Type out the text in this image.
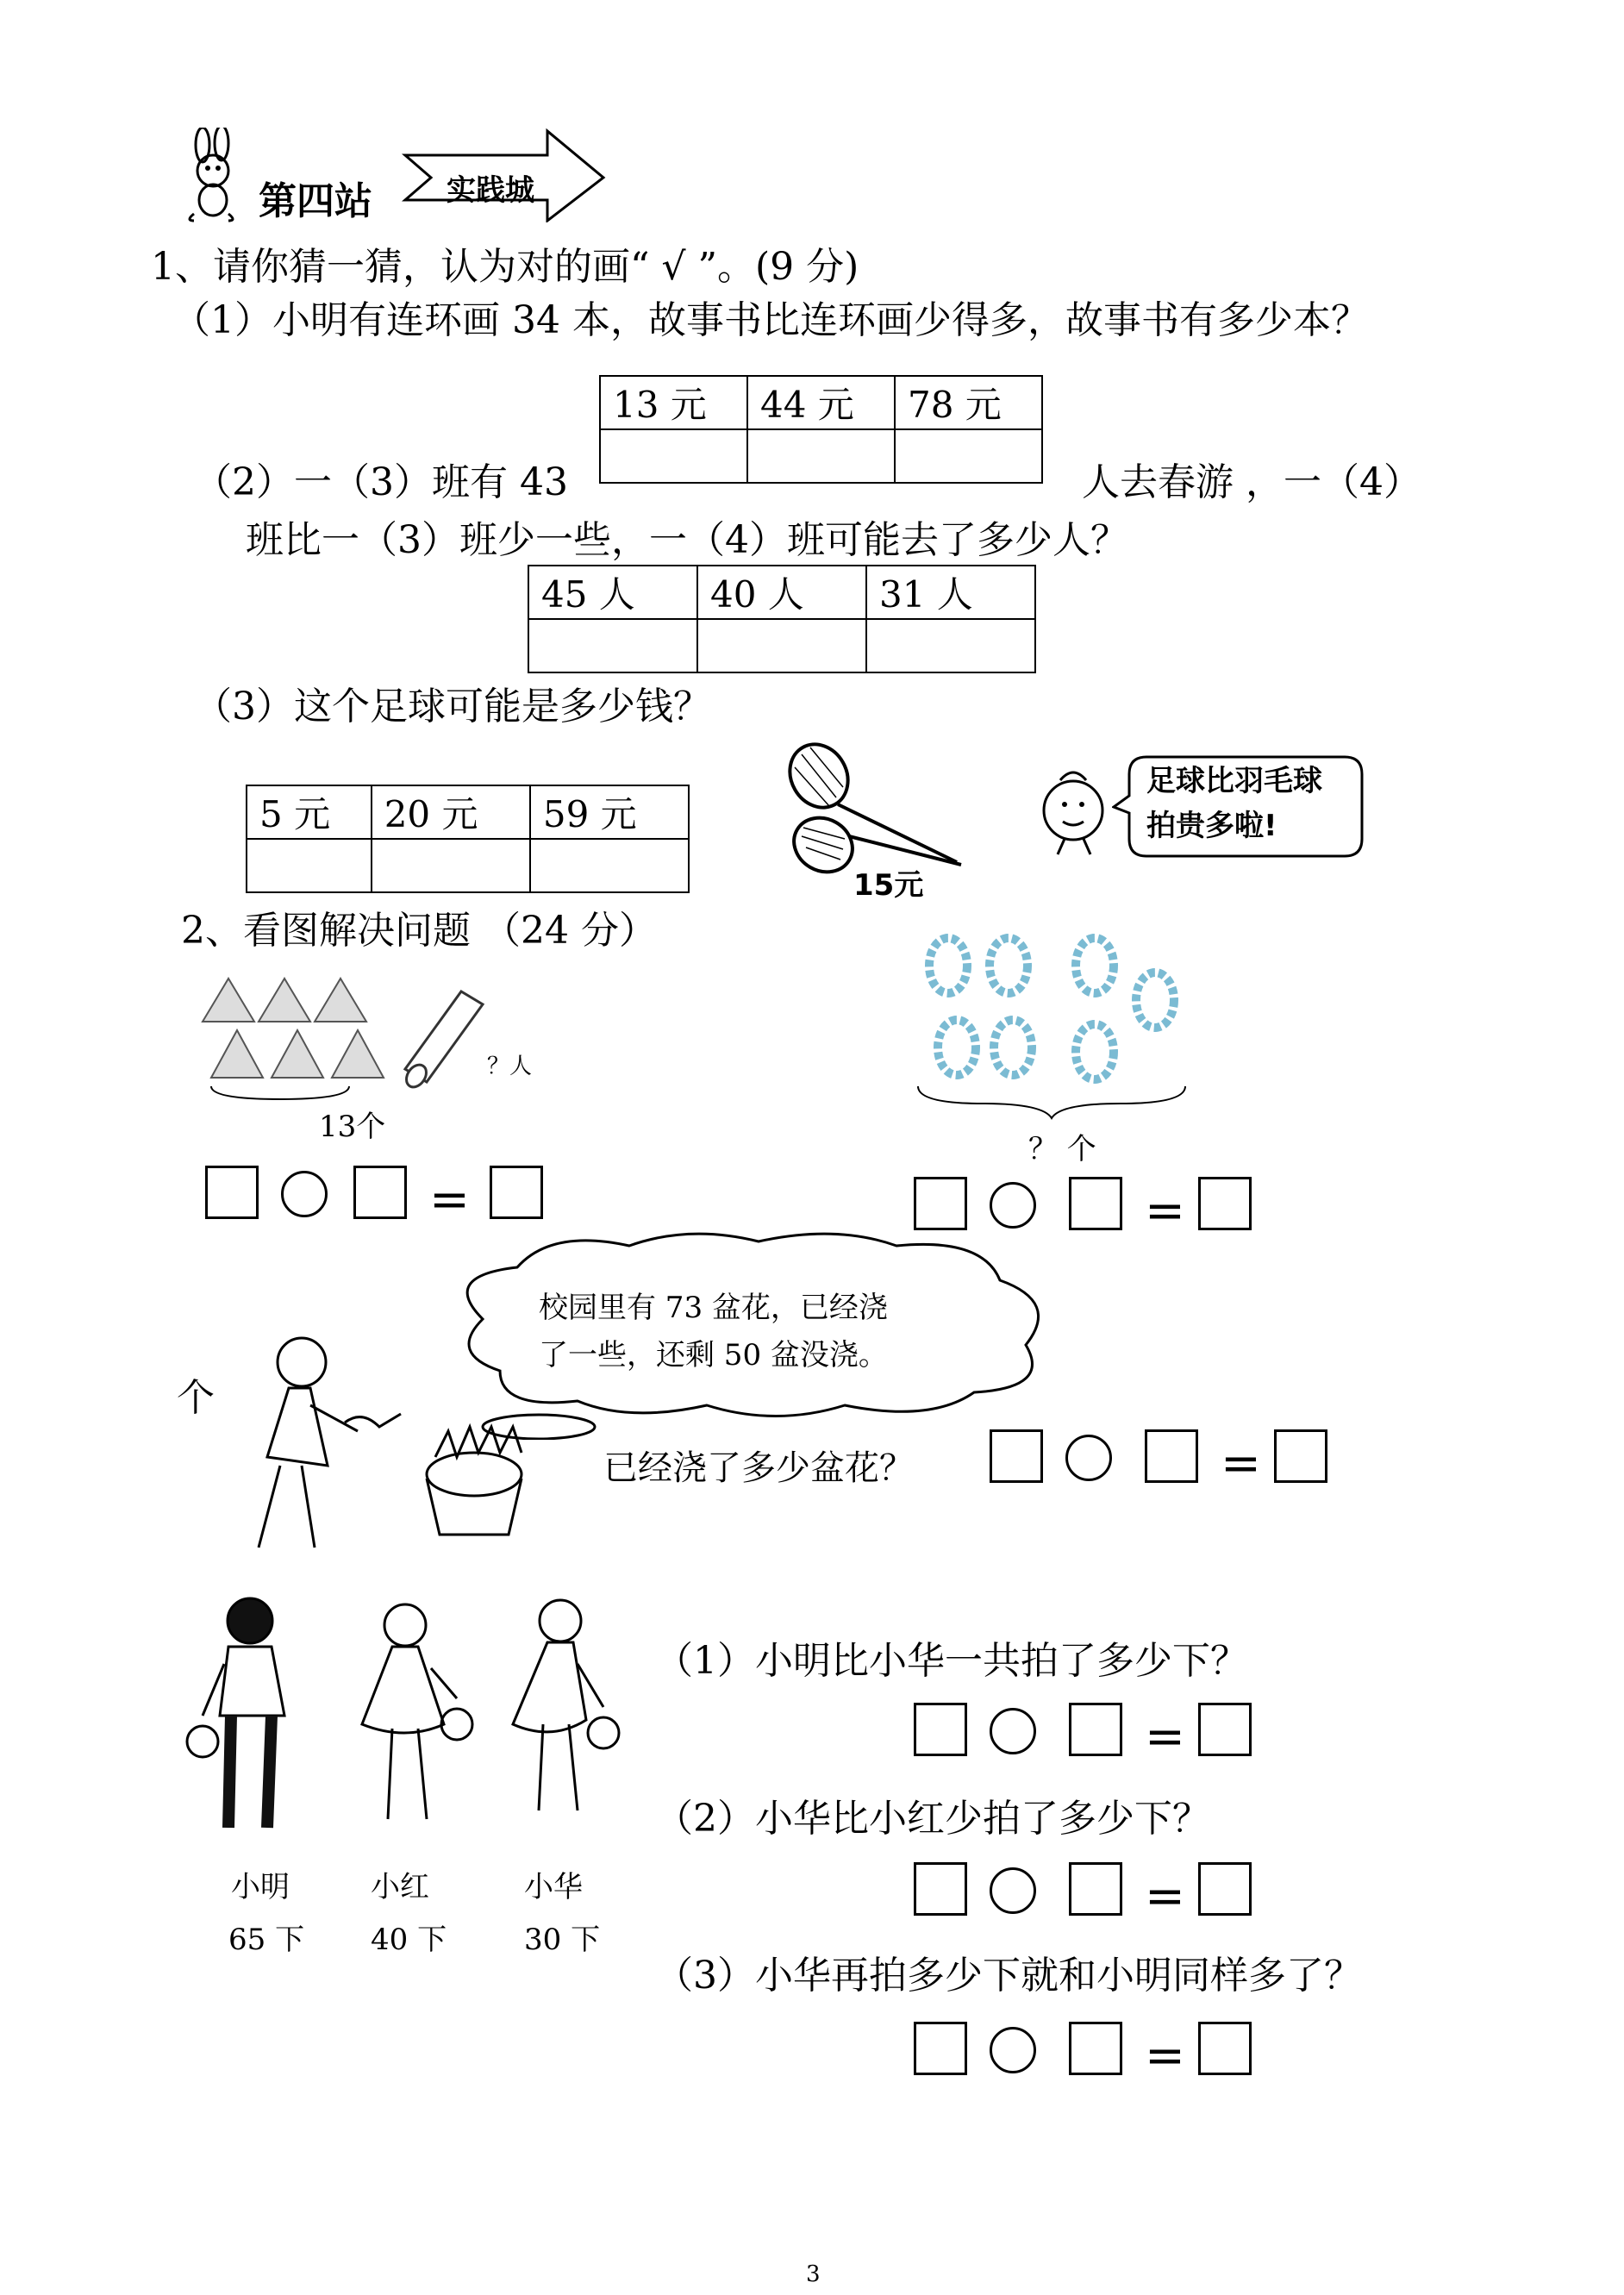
第四站	实践城
1、请你猜一猜，认为对的画“ √ ”。(9 分)
（1）小明有连环画 34 本，故事书比连环画少得多，故事书有多少本？
13 元	44 元	78 元

（2）一（3）班有 43	人去春游 ，一（4）
班比一（3）班少一些，一（4）班可能去了多少人？
45 人	40 人	31 人

（3）这个足球可能是多少钱？
5 元	20 元	59 元

15元
足球比羽毛球拍贵多啦!
2、看图解决问题 （24 分）
？人
13个
？ 个
=	=
校园里有 73 盆花，已经浇
了一些，还剩 50 盆没浇。
个
已经浇了多少盆花？	=
小明	小红	小华
65 下 40 下	30 下
（1）小明比小华一共拍了多少下？
=
（2）小华比小红少拍了多少下？
=
（3）小华再拍多少下就和小明同样多了？
=
3
